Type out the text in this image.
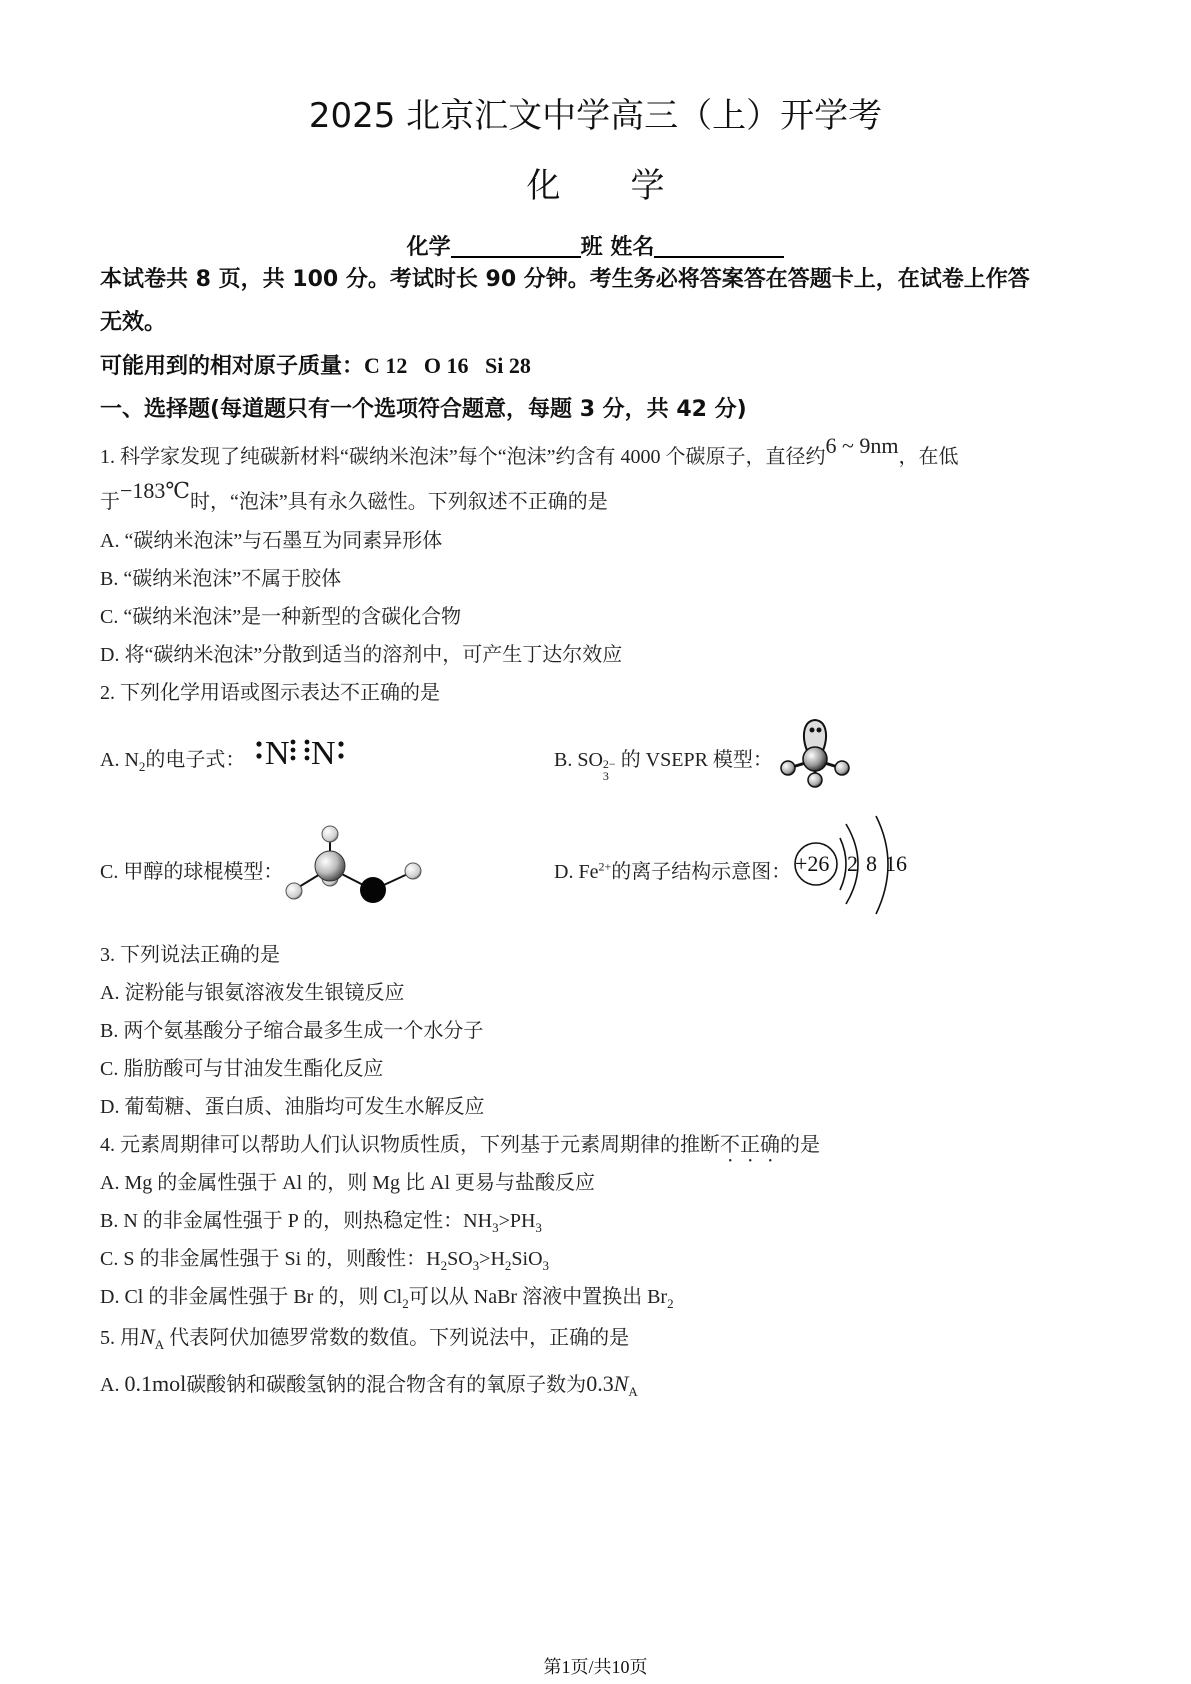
2025 北京汇文中学高三（上）开学考
化 学
化学	班 姓名
本试卷共 8 页，共 100 分。考试时长 90 分钟。考生务必将答案答在答题卡上，在试卷上作答
无效。
可能用到的相对原子质量：C 12   O 16   Si 28
一、选择题(每道题只有一个选项符合题意，每题 3 分，共 42 分)
1. 科学家发现了纯碳新材料“碳纳米泡沫”每个“泡沫”约含有 4000 个碳原子，直径约6 ~ 9nm，在低
于−183℃时，“泡沫”具有永久磁性。下列叙述不正确的是
A. “碳纳米泡沫”与石墨互为同素异形体
B. “碳纳米泡沫”不属于胶体
C. “碳纳米泡沫”是一种新型的含碳化合物
D. 将“碳纳米泡沫”分散到适当的溶剂中，可产生丁达尔效应
2. 下列化学用语或图示表达不正确的是
A. $N_2$的电子式： N N	B. SO 2−
3
的 VSEPR 模型：
C. 甲醇的球棍模型：	D. $Fe^{2+}$的离子结构示意图： +26 2 8 16
3. 下列说法正确的是
A. 淀粉能与银氨溶液发生银镜反应
B. 两个氨基酸分子缩合最多生成一个水分子
C. 脂肪酸可与甘油发生酯化反应
D. 葡萄糖、蛋白质、油脂均可发生水解反应
4. 元素周期律可以帮助人们认识物质性质，下列基于元素周期律的推断不正确的是
A. Mg 的金属性强于 Al 的，则 Mg 比 Al 更易与盐酸反应
B. N 的非金属性强于 P 的，则热稳定性：$NH_3>PH_3$
C. S 的非金属性强于 Si 的，则酸性：$H_2SO_3>H_2SiO_3$
D. Cl 的非金属性强于 Br 的，则 $Cl_2$可以从 NaBr 溶液中置换出 $Br_2$
5. 用$N_A$ 代表阿伏加德罗常数的数值。下列说法中，正确的是
A. 0.1mol碳酸钠和碳酸氢钠的混合物含有的氧原子数为$0.3N_A$
第1页/共10页
